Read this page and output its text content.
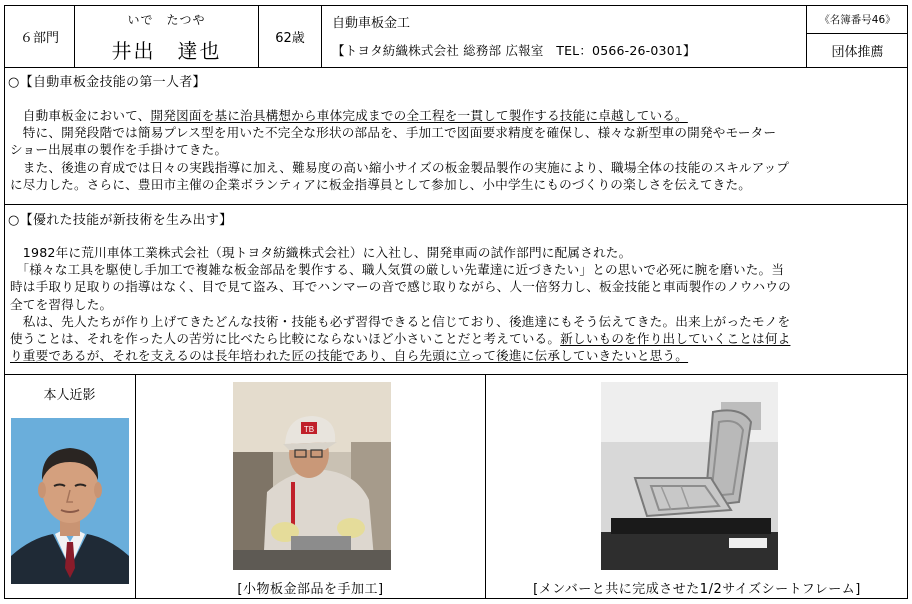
６部門
いで　たつや
井出　達也
62歳
自動車板金工
【トヨタ紡織株式会社 総務部 広報室　TEL：0566-26-0301】
《名簿番号46》
団体推薦
○【自動車板金技能の第一人者】

　自動車板金において、開発図面を基に治具構想から車体完成までの全工程を一貫して製作する技能に卓越している。

　特に、開発段階では簡易プレス型を用いた不完全な形状の部品を、手加工で図面要求精度を確保し、様々な新型車の開発やモーター

ショー出展車の製作を手掛けてきた。

　また、後進の育成では日々の実践指導に加え、難易度の高い縮小サイズの板金製品製作の実施により、職場全体の技能のスキルアップ

に尽力した。さらに、豊田市主催の企業ボランティアに板金指導員として参加し、小中学生にものづくりの楽しさを伝えてきた。

○【優れた技能が新技術を生み出す】

　1982年に荒川車体工業株式会社（現トヨタ紡織株式会社）に入社し、開発車両の試作部門に配属された。

　「様々な工具を駆使し手加工で複雑な板金部品を製作する、職人気質の厳しい先輩達に近づきたい」との思いで必死に腕を磨いた。当

時は手取り足取りの指導はなく、目で見て盗み、耳でハンマーの音で感じ取りながら、人一倍努力し、板金技能と車両製作のノウハウの

全てを習得した。

　私は、先人たちが作り上げてきたどんな技術・技能も必ず習得できると信じており、後進達にもそう伝えてきた。出来上がったモノを

使うことは、それを作った人の苦労に比べたら比較にならないほど小さいことだと考えている。新しいものを作り出していくことは何よ

り重要であるが、それを支えるのは長年培われた匠の技能であり、自ら先頭に立って後進に伝承していきたいと思う。

本人近影
TB
[小物板金部品を手加工]	[メンバーと共に完成させた1/2サイズシートフレーム]
